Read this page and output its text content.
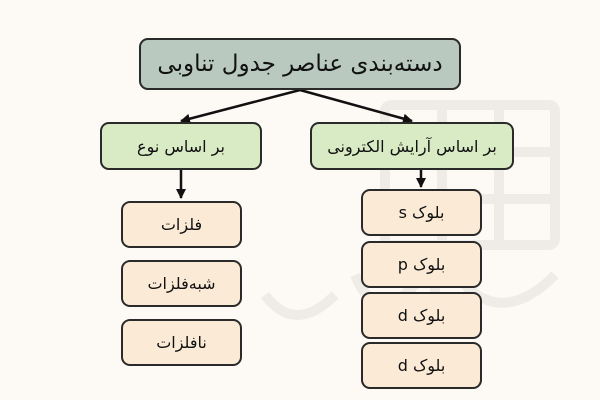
دسته‌بندی عناصر جدول تناوبی
بر اساس نوع	بر اساس آرایش الکترونی
فلزات
شبه‌فلزات
نافلزات
بلوک s
بلوک p
بلوک d
بلوک d
